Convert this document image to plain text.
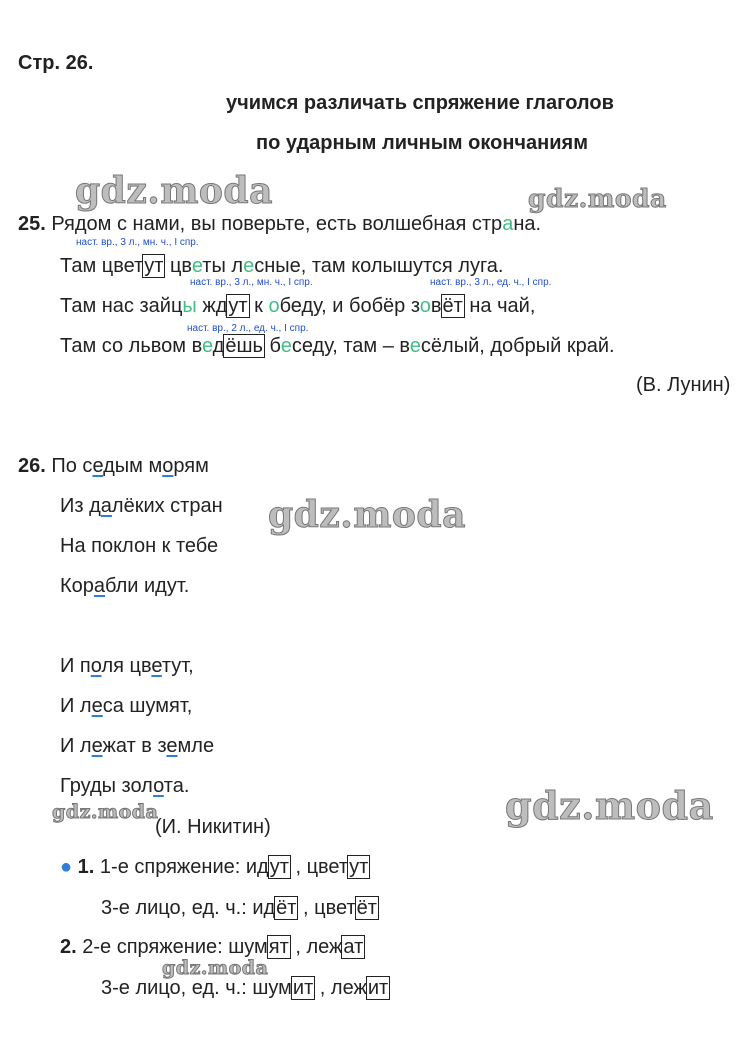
Стр. 26.
учимся различать спряжение глаголов
по ударным личным окончаниям
gdz.moda	gdz.moda
gdz.moda
gdz.moda
gdz.moda
gdz.moda
25. Рядом с нами, вы поверьте, есть волшебная страна.
наст. вр., 3 л., мн. ч., I спр.
Там цветут цветы лесные, там колышутся луга.
наст. вр., 3 л., мн. ч., I спр.	наст. вр., 3 л., ед. ч., I спр.
Там нас зайцы ждут к обеду, и бобёр зовёт на чай,
наст. вр., 2 л., ед. ч., I спр.
Там со львом ведёшь беседу, там – весёлый, добрый край.
(В. Лунин)
26. По седым морям
Из далёких стран
На поклон к тебе
Корабли идут.
И поля цветут,
И леса шумят,
И лежат в земле
Груды золота.
(И. Никитин)
● 1. 1-е спряжение: идут , цветут
3-е лицо, ед. ч.: идёт , цветёт
2. 2-е спряжение: шумят , лежат
3-е лицо, ед. ч.: шумит , лежит
